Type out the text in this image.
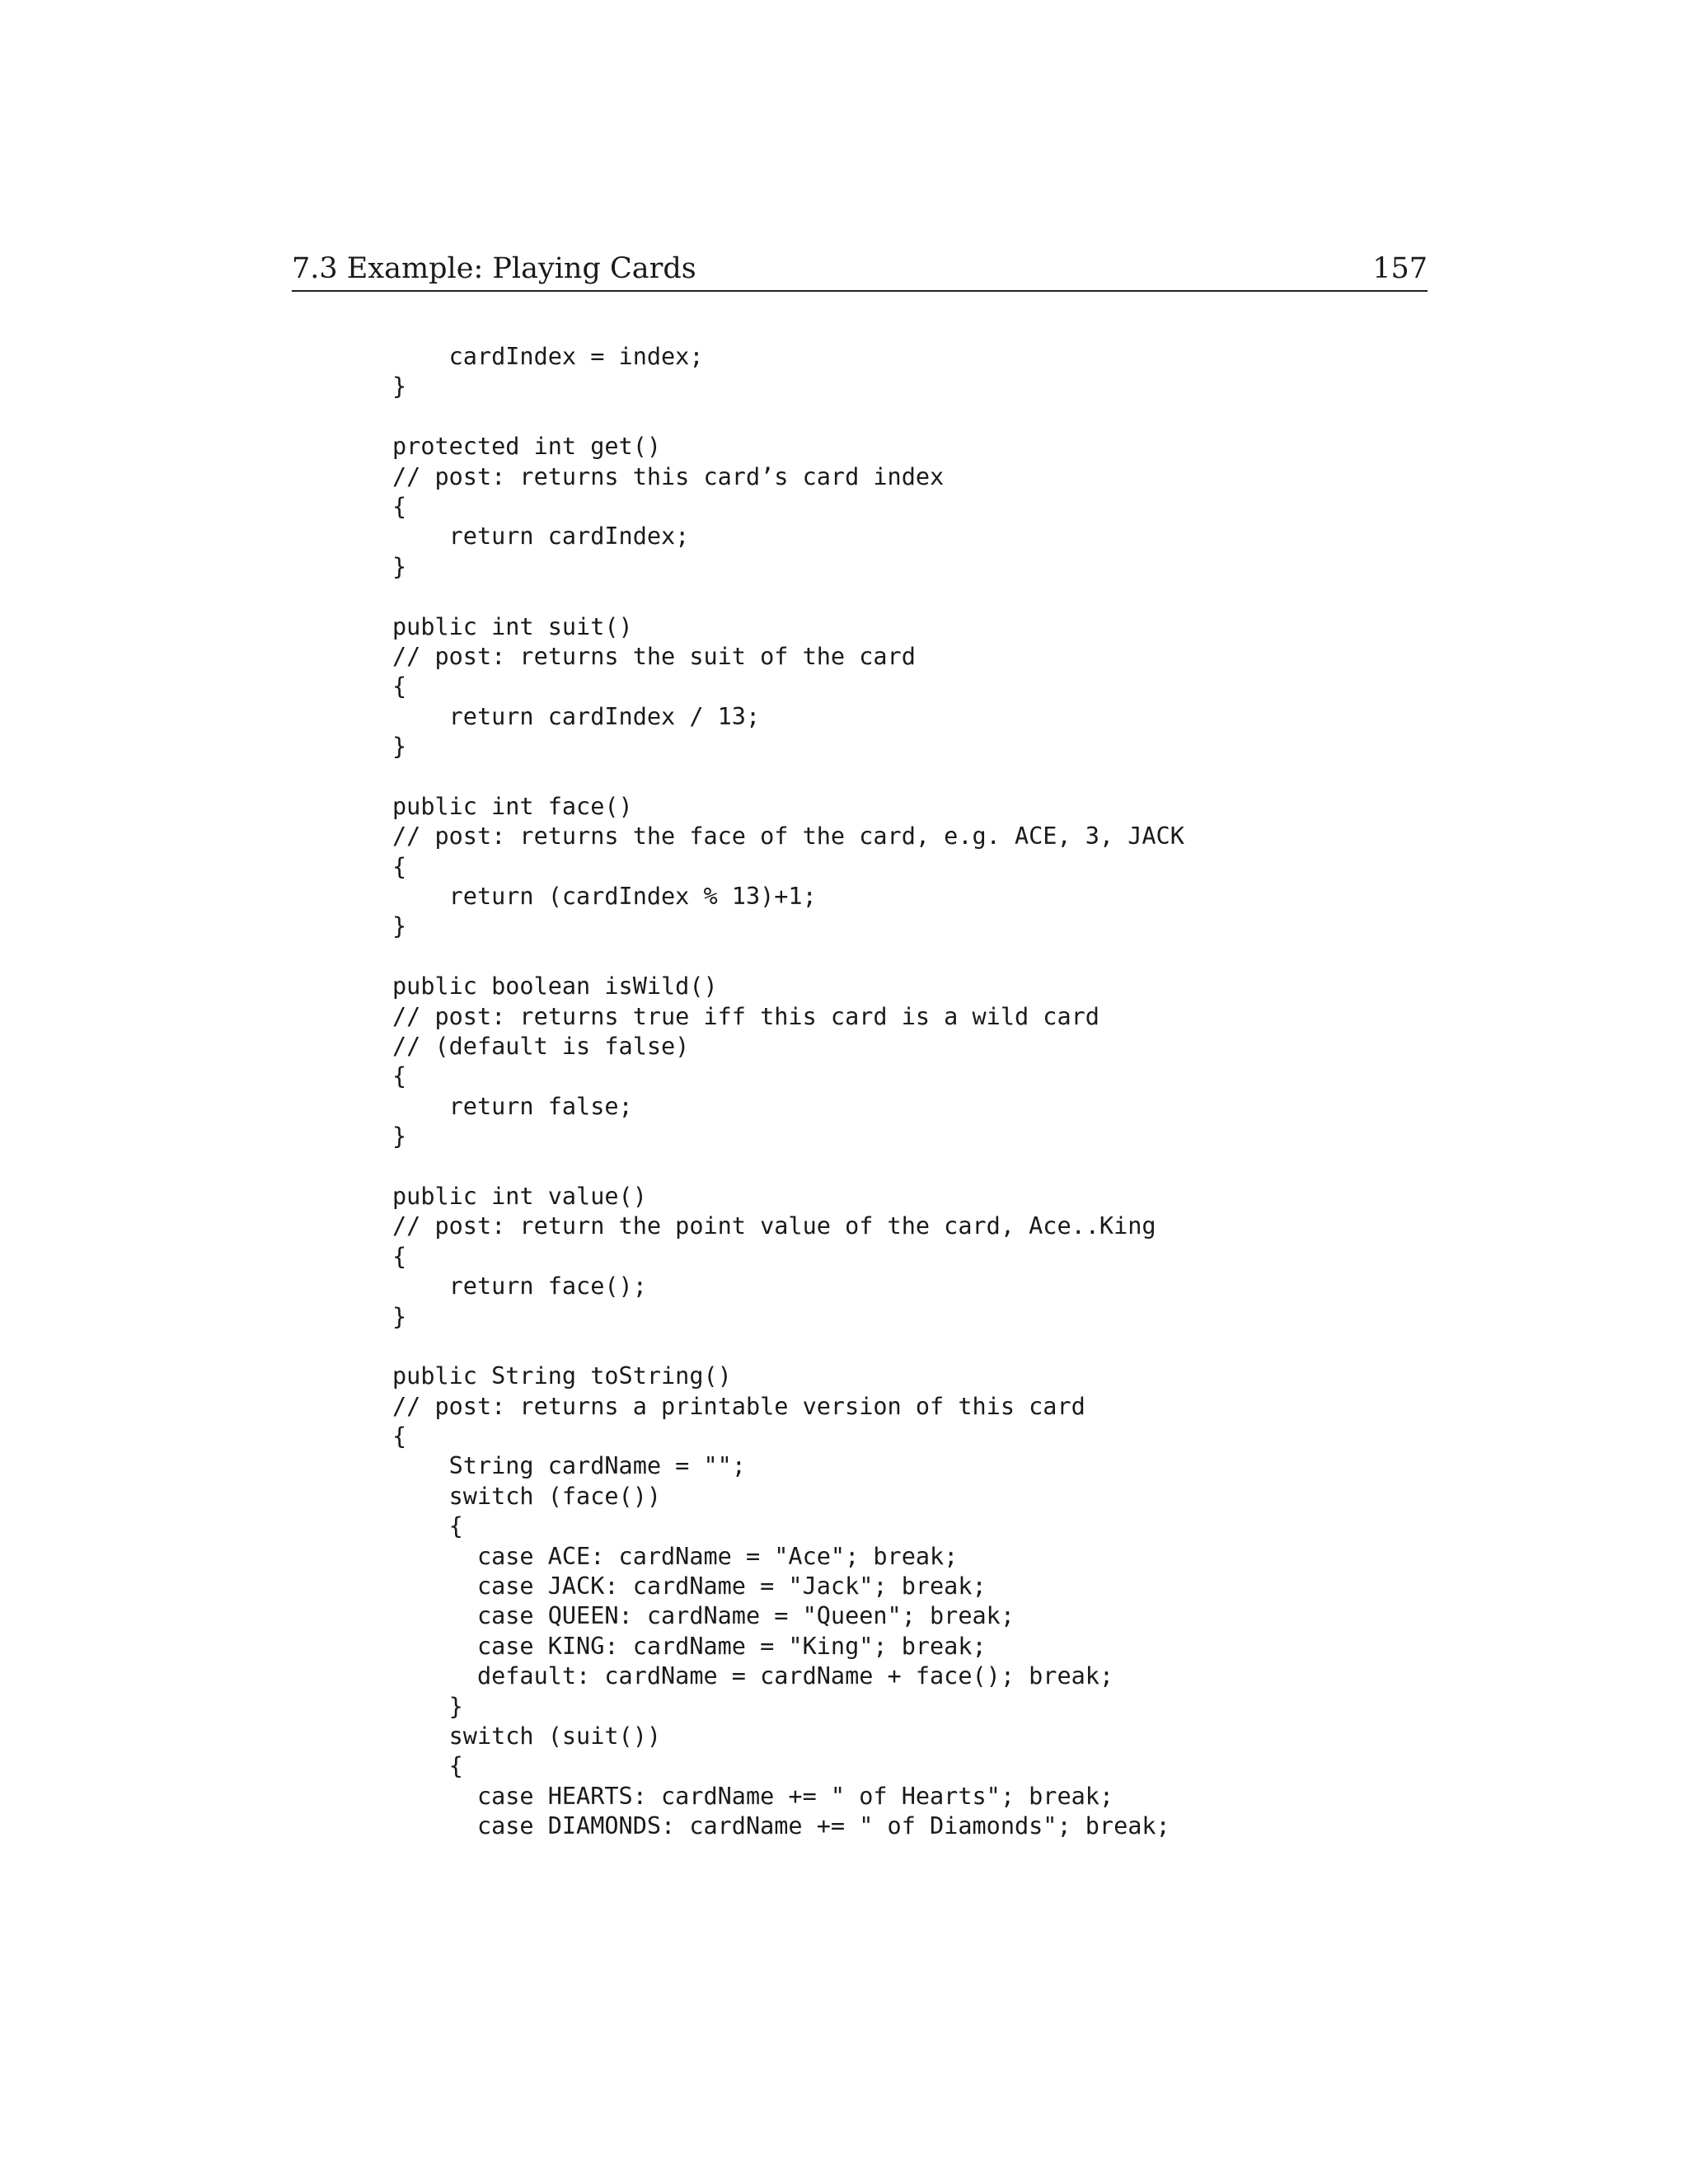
7.3 Example: Playing Cards	157
cardIndex = index;
}
protected int get()
// post: returns this card’s card index
{
return cardIndex;
}
public int suit()
// post: returns the suit of the card
{
return cardIndex / 13;
}
public int face()
// post: returns the face of the card, e.g. ACE, 3, JACK
{
return (cardIndex % 13)+1;
}
public boolean isWild()
// post: returns true iff this card is a wild card
// (default is false)
{
return false;
}
public int value()
// post: return the point value of the card, Ace..King
{
return face();
}
public String toString()
// post: returns a printable version of this card
{
String cardName = "";
switch (face())
{
case ACE: cardName = "Ace"; break;
case JACK: cardName = "Jack"; break;
case QUEEN: cardName = "Queen"; break;
case KING: cardName = "King"; break;
default: cardName = cardName + face(); break;
}
switch (suit())
{
case HEARTS: cardName += " of Hearts"; break;
case DIAMONDS: cardName += " of Diamonds"; break;
